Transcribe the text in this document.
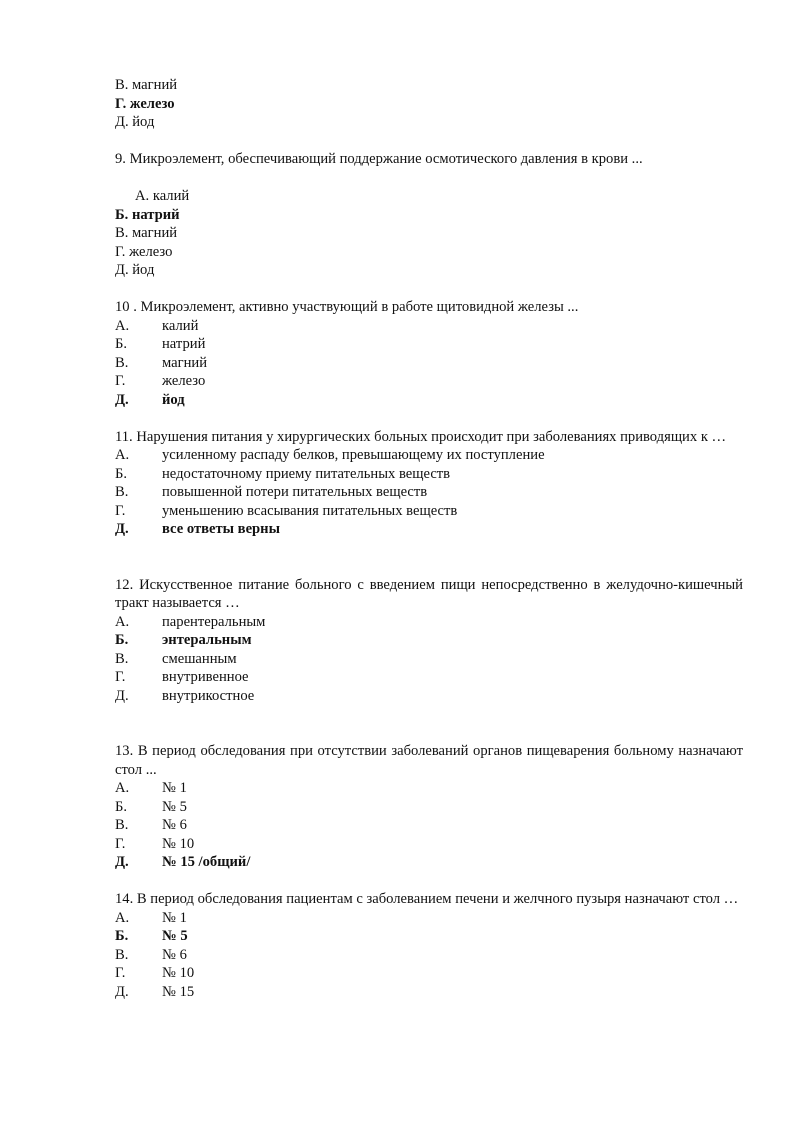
В. магний
Г. железо
Д. йод
9. Микроэлемент, обеспечивающий поддержание осмотического давления в крови ...
А. калий
Б. натрий
В. магний
Г. железо
Д. йод
10 . Микроэлемент, активно участвующий в работе щитовидной железы ...
А.	калий
Б.	натрий
В.	магний
Г.	железо
Д.	йод
11. Нарушения питания у хирургических больных происходит при заболеваниях приводящих к …
А.	усиленному распаду белков, превышающему их поступление
Б.	недостаточному приему питательных веществ
В.	повышенной потери питательных веществ
Г.	уменьшению всасывания питательных веществ
Д.	все ответы верны
12. Искусственное питание больного с введением пищи непосредственно в желудочно-кишечный тракт называется …
А.	парентеральным
Б.	энтеральным
В.	смешанным
Г.	внутривенное
Д.	внутрикостное
13. В период обследования при отсутствии заболеваний органов пищеварения больному назначают стол ...
А.	№ 1
Б.	№ 5
В.	№ 6
Г.	№ 10
Д.	№ 15 /общий/
14. В период обследования пациентам с заболеванием печени и желчного пузыря назначают стол …
А.	№ 1
Б.	№ 5
В.	№ 6
Г.	№ 10
Д.	№ 15
